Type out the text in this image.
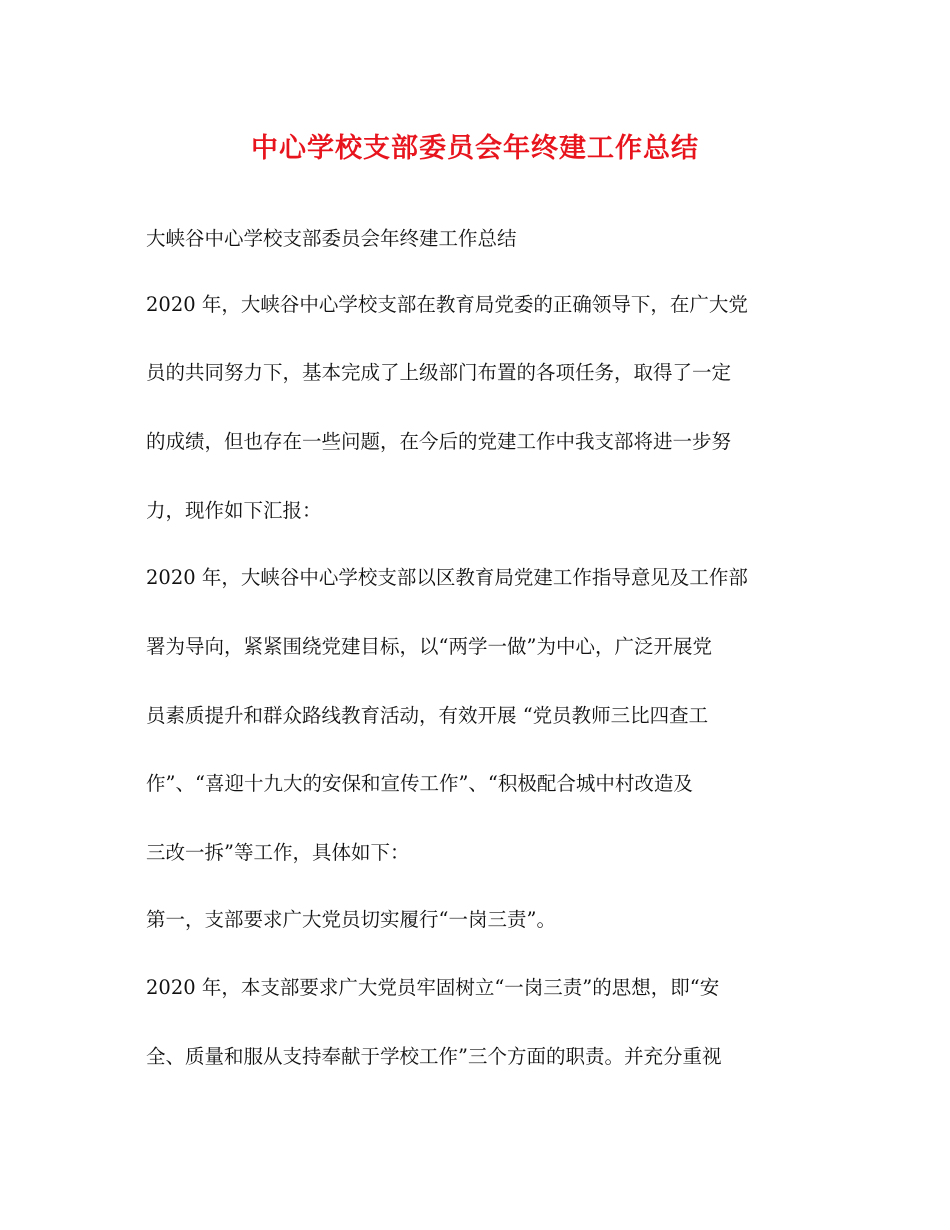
中心学校支部委员会年终建工作总结
大峡谷中心学校支部委员会年终建工作总结
2020 年，大峡谷中心学校支部在教育局党委的正确领导下，在广大党
员的共同努力下，基本完成了上级部门布置的各项任务，取得了一定
的成绩，但也存在一些问题，在今后的党建工作中我支部将进一步努
力，现作如下汇报：
2020 年，大峡谷中心学校支部以区教育局党建工作指导意见及工作部
署为导向，紧紧围绕党建目标，以“两学一做”为中心，广泛开展党
员素质提升和群众路线教育活动，有效开展 “党员教师三比四查工
作”、“喜迎十九大的安保和宣传工作”、“积极配合城中村改造及
三改一拆”等工作，具体如下：
第一，支部要求广大党员切实履行“一岗三责”。
2020 年，本支部要求广大党员牢固树立“一岗三责”的思想，即“安
全、质量和服从支持奉献于学校工作”三个方面的职责。并充分重视
